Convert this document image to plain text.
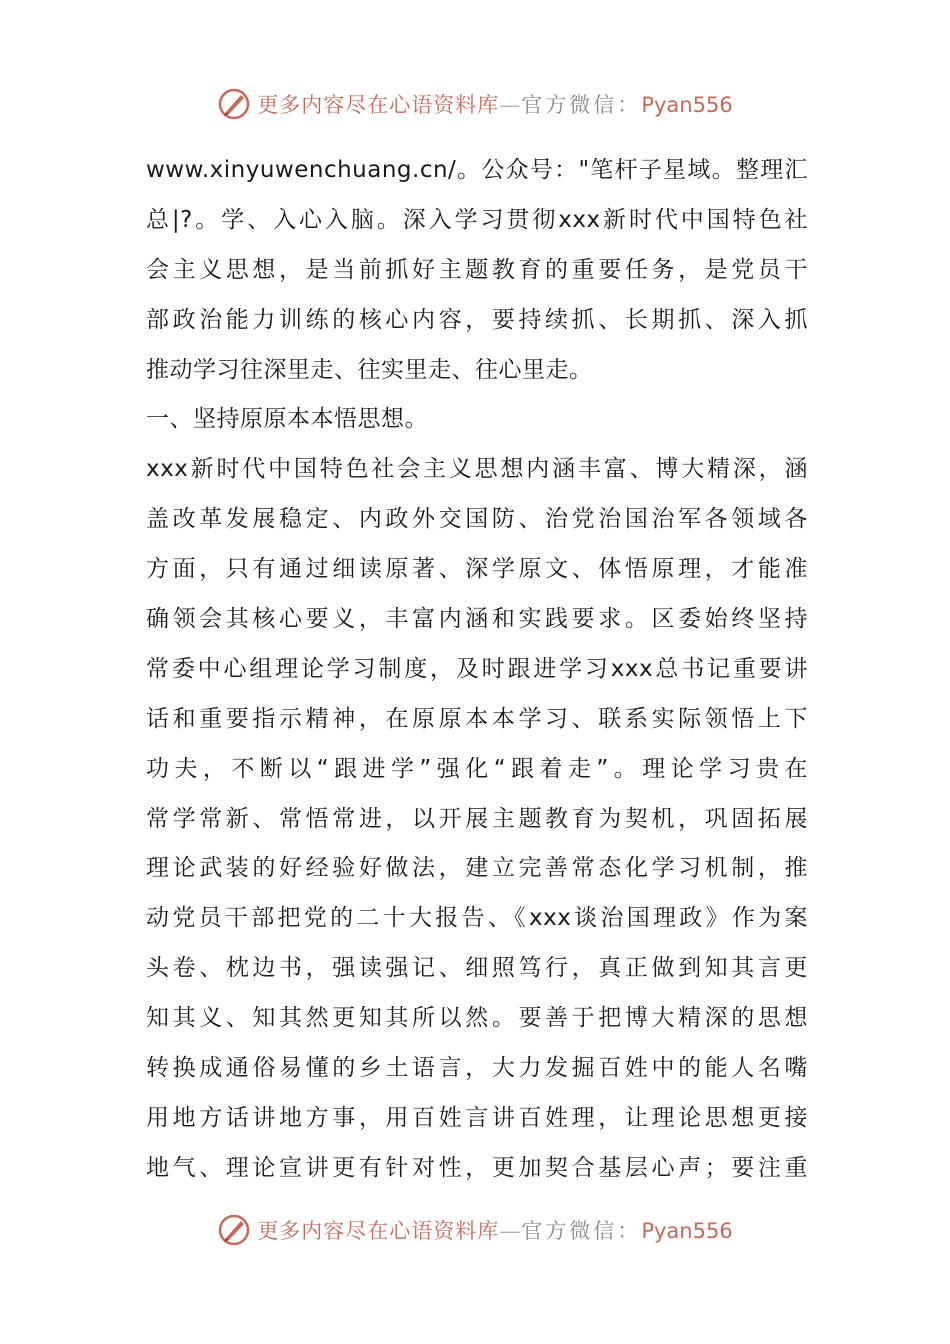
更多内容尽在心语资料库—官方微信：Pyan556
www.xinyuwenchuang.cn/。公众号："笔杆子星域。整理汇
总|?。学、入心入脑。深入学习贯彻xxx新时代中国特色社
会主义思想，是当前抓好主题教育的重要任务，是党员干
部政治能力训练的核心内容，要持续抓、长期抓、深入抓
推动学习往深里走、往实里走、往心里走。
一、坚持原原本本悟思想。
xxx新时代中国特色社会主义思想内涵丰富、博大精深，涵
盖改革发展稳定、内政外交国防、治党治国治军各领域各
方面，只有通过细读原著、深学原文、体悟原理，才能准
确领会其核心要义，丰富内涵和实践要求。区委始终坚持
常委中心组理论学习制度，及时跟进学习xxx总书记重要讲
话和重要指示精神，在原原本本学习、联系实际领悟上下
功夫，不断以“跟进学”强化“跟着走”。理论学习贵在
常学常新、常悟常进，以开展主题教育为契机，巩固拓展
理论武装的好经验好做法，建立完善常态化学习机制，推
动党员干部把党的二十大报告、《xxx谈治国理政》作为案
头卷、枕边书，强读强记、细照笃行，真正做到知其言更
知其义、知其然更知其所以然。要善于把博大精深的思想
转换成通俗易懂的乡土语言，大力发掘百姓中的能人名嘴
用地方话讲地方事，用百姓言讲百姓理，让理论思想更接
地气、理论宣讲更有针对性，更加契合基层心声；要注重
更多内容尽在心语资料库—官方微信：Pyan556
